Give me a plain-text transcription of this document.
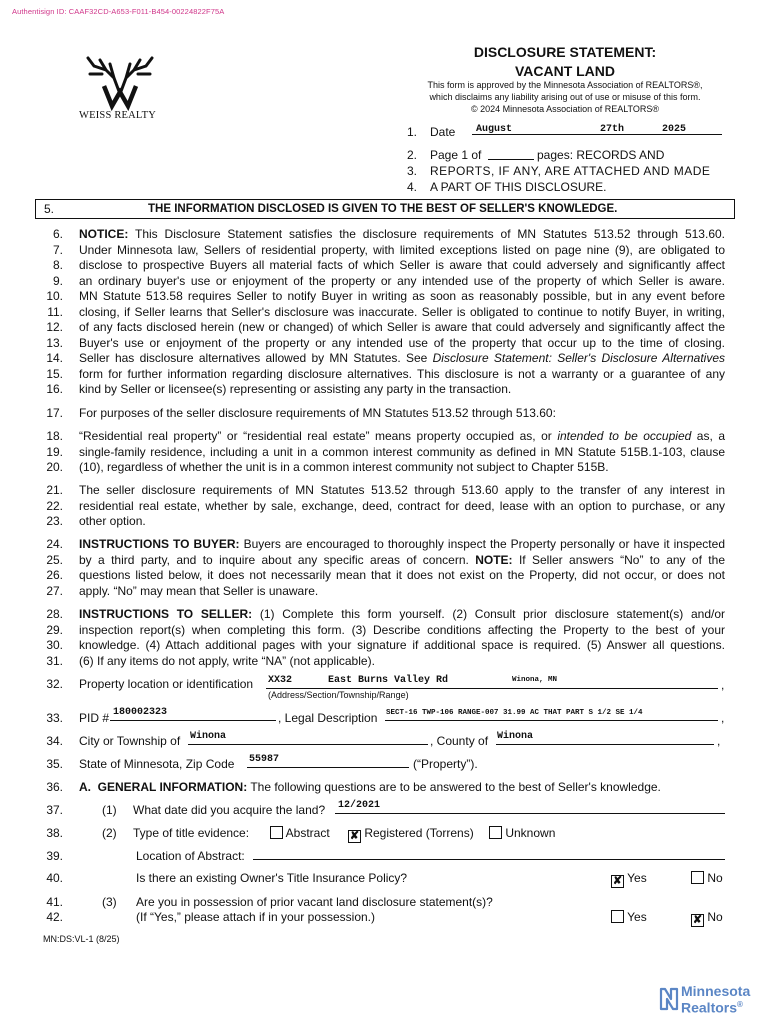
Authentisign ID: CAAF32CD-A653-F011-B454-00224822F75A
WEISS REALTY
DISCLOSURE STATEMENT:
VACANT LAND
This form is approved by the Minnesota Association of REALTORS®,
which disclaims any liability arising out of use or misuse of this form.
© 2024 Minnesota Association of REALTORS®
1. Date August	27th	2025
2. Page 1 of	pages: RECORDS AND
3. REPORTS, IF ANY, ARE ATTACHED AND MADE
4. A PART OF THIS DISCLOSURE.
5.	THE INFORMATION DISCLOSED IS GIVEN TO THE BEST OF SELLER'S KNOWLEDGE.
6. NOTICE: This Disclosure Statement satisfies the disclosure requirements of MN Statutes 513.52 through 513.60.
7. Under Minnesota law, Sellers of residential property, with limited exceptions listed on page nine (9), are obligated to
8. disclose to prospective Buyers all material facts of which Seller is aware that could adversely and significantly affect
9. an ordinary buyer's use or enjoyment of the property or any intended use of the property of which Seller is aware.
10. MN Statute 513.58 requires Seller to notify Buyer in writing as soon as reasonably possible, but in any event before
11. closing, if Seller learns that Seller's disclosure was inaccurate. Seller is obligated to continue to notify Buyer, in writing,
12. of any facts disclosed herein (new or changed) of which Seller is aware that could adversely and significantly affect the
13. Buyer's use or enjoyment of the property or any intended use of the property that occur up to the time of closing.
14. Seller has disclosure alternatives allowed by MN Statutes. See Disclosure Statement: Seller's Disclosure Alternatives
15. form for further information regarding disclosure alternatives. This disclosure is not a warranty or a guarantee of any
16. kind by Seller or licensee(s) representing or assisting any party in the transaction.
17. For purposes of the seller disclosure requirements of MN Statutes 513.52 through 513.60:
18. “Residential real property” or “residential real estate” means property occupied as, or intended to be occupied as, a
19. single-family residence, including a unit in a common interest community as defined in MN Statute 515B.1-103, clause
20. (10), regardless of whether the unit is in a common interest community not subject to Chapter 515B.
21. The seller disclosure requirements of MN Statutes 513.52 through 513.60 apply to the transfer of any interest in
22. residential real estate, whether by sale, exchange, deed, contract for deed, lease with an option to purchase, or any
23. other option.
24. INSTRUCTIONS TO BUYER: Buyers are encouraged to thoroughly inspect the Property personally or have it inspected
25. by a third party, and to inquire about any specific areas of concern. NOTE: If Seller answers “No” to any of the
26. questions listed below, it does not necessarily mean that it does not exist on the Property, did not occur, or does not
27. apply. “No” may mean that Seller is unaware.
28. INSTRUCTIONS TO SELLER: (1) Complete this form yourself. (2) Consult prior disclosure statement(s) and/or
29. inspection report(s) when completing this form. (3) Describe conditions affecting the Property to the best of your
30. knowledge. (4) Attach additional pages with your signature if additional space is required. (5) Answer all questions.
31. (6) If any items do not apply, write “NA” (not applicable).
32. Property location or identification XX32      East Burns Valley Rd	Winona, MN	,
(Address/Section/Township/Range)
33. PID # 180002323	, Legal Description SECT-16 TWP-106 RANGE-007 31.99 AC THAT PART S 1/2 SE 1/4	,
34. City or Township of Winona	, County of Winona	,
35. State of Minnesota, Zip Code 55987	(“Property”).
36. A.  GENERAL INFORMATION: The following questions are to be answered to the best of Seller's knowledge.
37.	(1) What date did you acquire the land? 12/2021
38.	(2) Type of title evidence:	Abstract ✘ Registered (Torrens)	Unknown
39.	Location of Abstract:
40.	Is there an existing Owner's Title Insurance Policy?	✘ Yes	No
41.	(3) Are you in possession of prior vacant land disclosure statement(s)?
42.	(If “Yes,” please attach if in your possession.)	Yes	✘ No
MN:DS:VL-1 (8/25)
Minnesota
Realtors®
